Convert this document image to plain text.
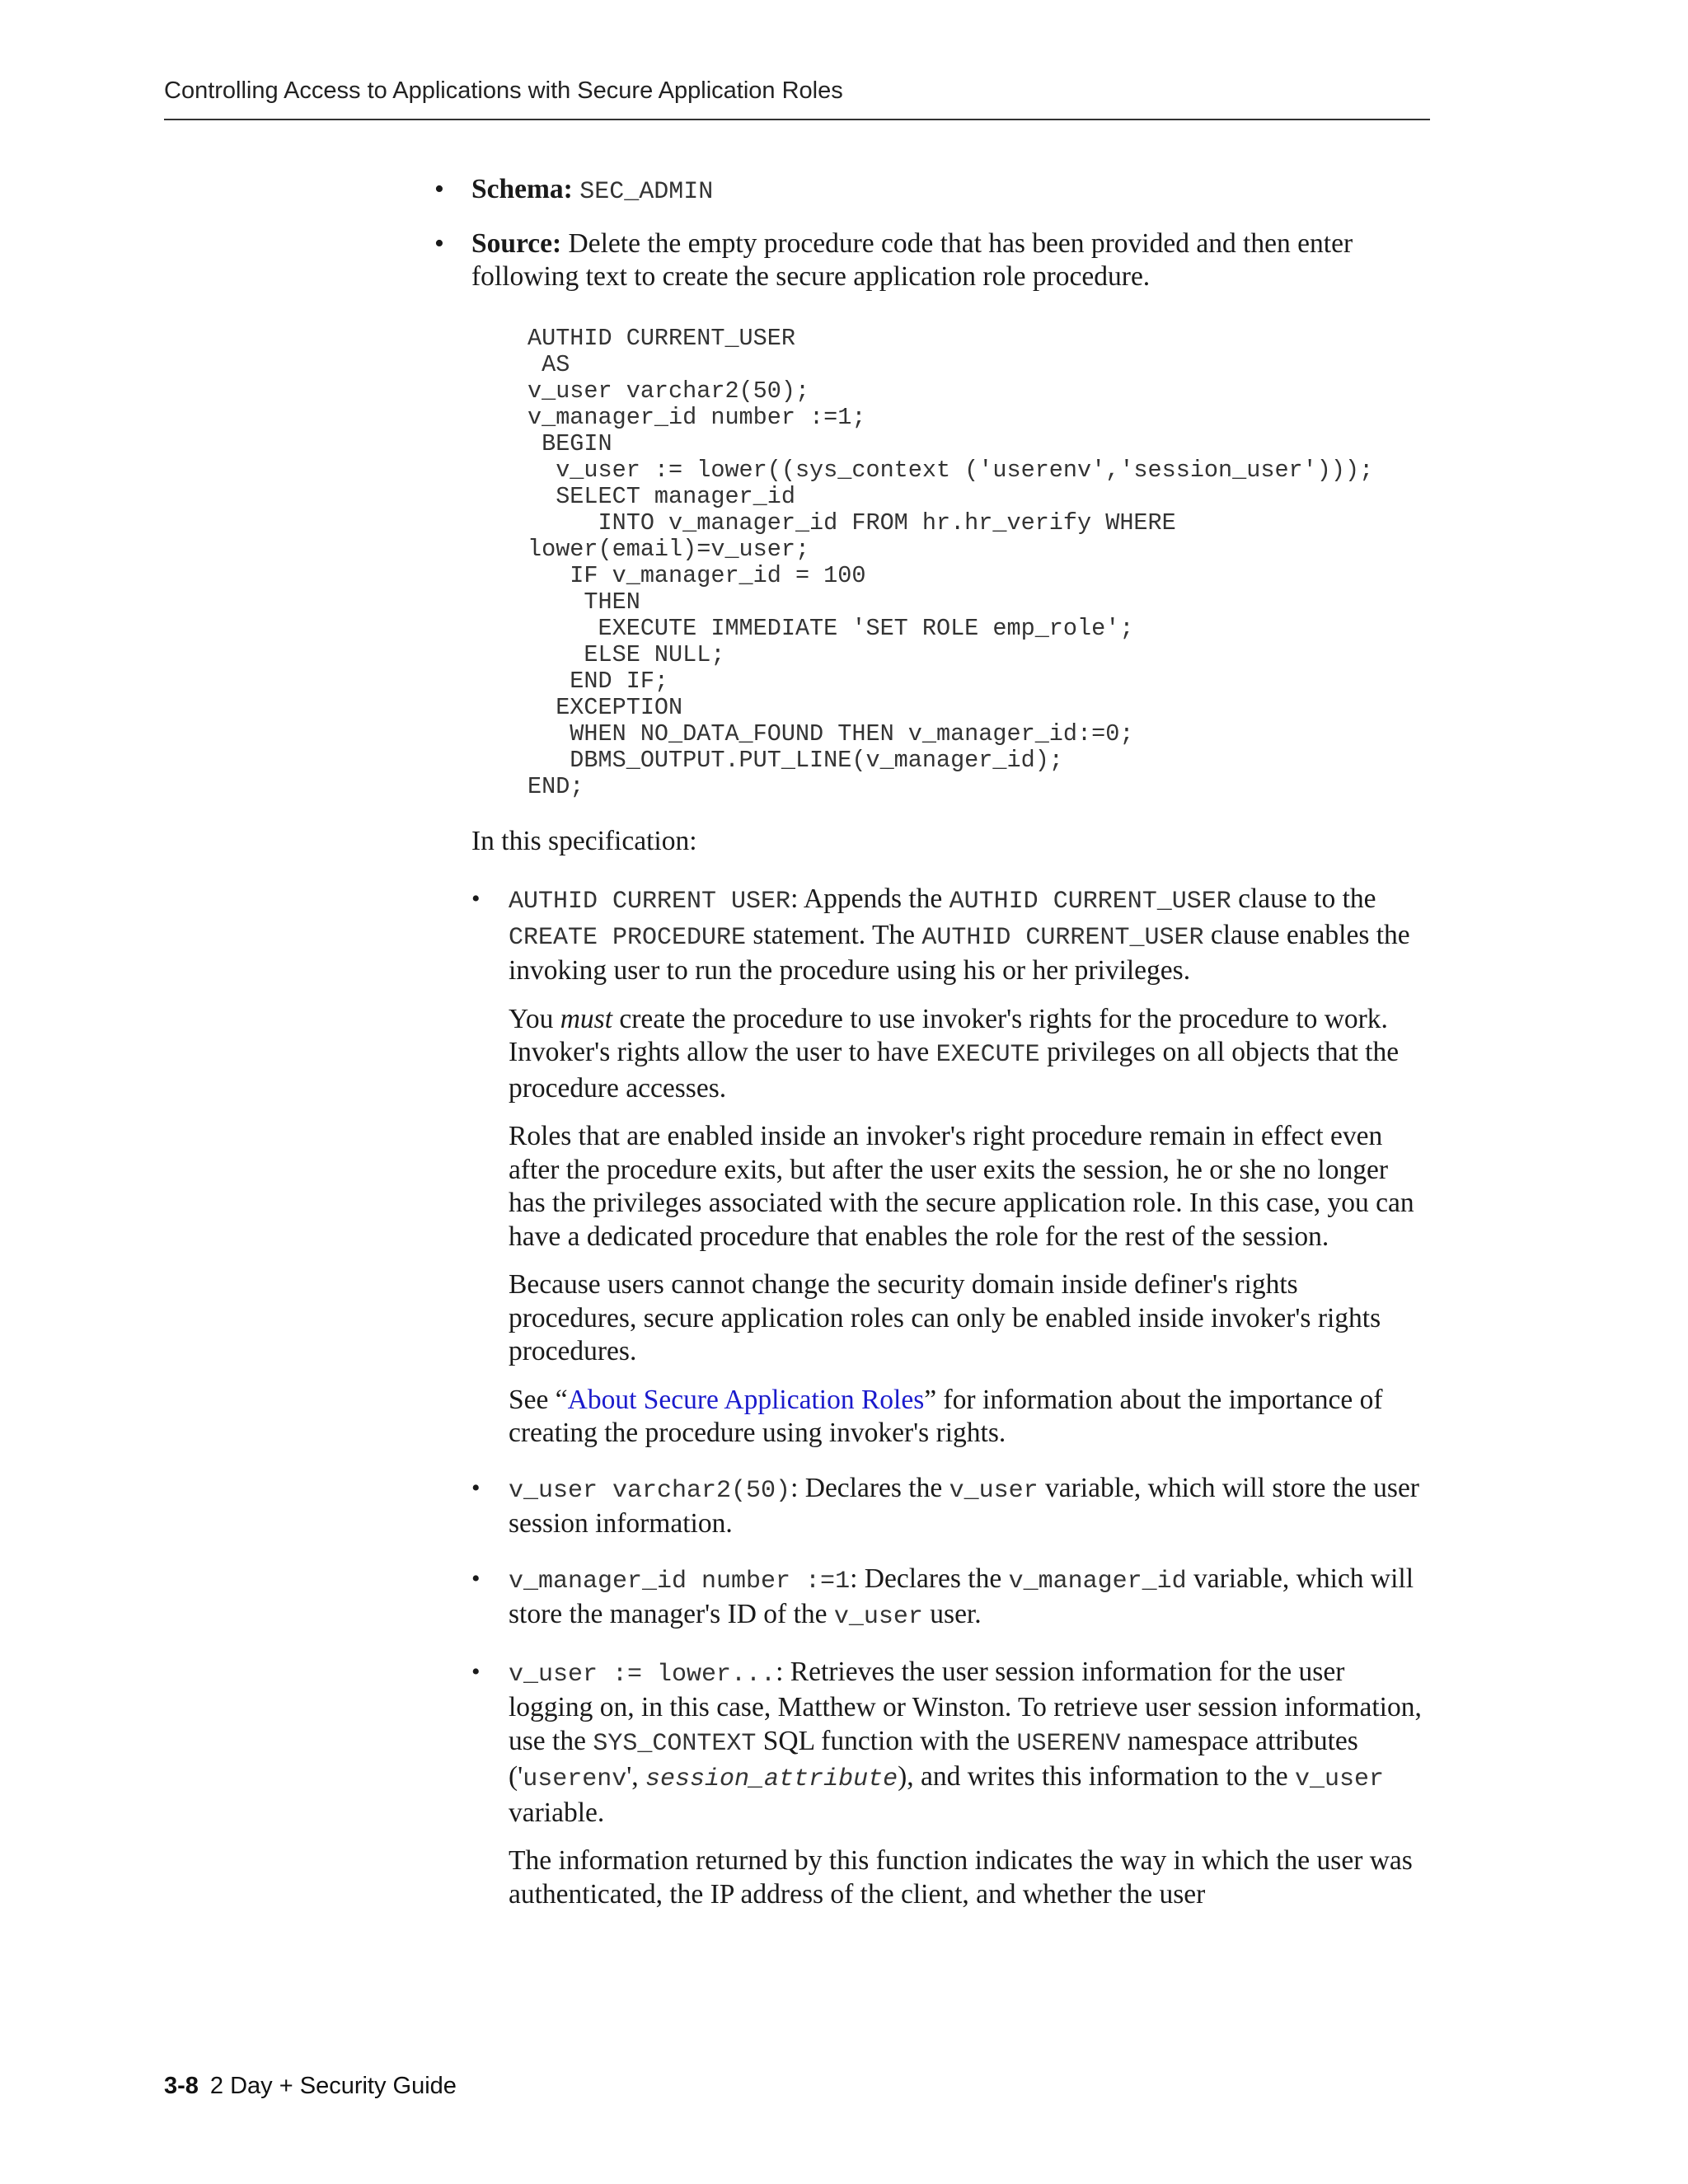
Controlling Access to Applications with Secure Application Roles
• Schema: SEC_ADMIN

• Source: Delete the empty procedure code that has been provided and then enter following text to create the secure application role procedure.

AUTHID CURRENT_USER
AS
v_user varchar2(50);
v_manager_id number :=1;
BEGIN
v_user := lower((sys_context ('userenv','session_user')));
SELECT manager_id
INTO v_manager_id FROM hr.hr_verify WHERE
lower(email)=v_user;
IF v_manager_id = 100
THEN
EXECUTE IMMEDIATE 'SET ROLE emp_role';
ELSE NULL;
END IF;
EXCEPTION
WHEN NO_DATA_FOUND THEN v_manager_id:=0;
DBMS_OUTPUT.PUT_LINE(v_manager_id);
END;

In this specification:

• AUTHID CURRENT USER: Appends the AUTHID CURRENT_USER clause to the CREATE PROCEDURE statement. The AUTHID CURRENT_USER clause enables the invoking user to run the procedure using his or her privileges.

You must create the procedure to use invoker's rights for the procedure to work. Invoker's rights allow the user to have EXECUTE privileges on all objects that the procedure accesses.

Roles that are enabled inside an invoker's right procedure remain in effect even after the procedure exits, but after the user exits the session, he or she no longer has the privileges associated with the secure application role. In this case, you can have a dedicated procedure that enables the role for the rest of the session.

Because users cannot change the security domain inside definer's rights procedures, secure application roles can only be enabled inside invoker's rights procedures.

See “About Secure Application Roles” for information about the importance of creating the procedure using invoker's rights.

• v_user varchar2(50): Declares the v_user variable, which will store the user session information.

• v_manager_id number :=1: Declares the v_manager_id variable, which will store the manager's ID of the v_user user.

• v_user := lower...: Retrieves the user session information for the user logging on, in this case, Matthew or Winston. To retrieve user session information, use the SYS_CONTEXT SQL function with the USERENV namespace attributes ('userenv', session_attribute), and writes this information to the v_user variable.

The information returned by this function indicates the way in which the user was authenticated, the IP address of the client, and whether the user

3-8 2 Day + Security Guide
